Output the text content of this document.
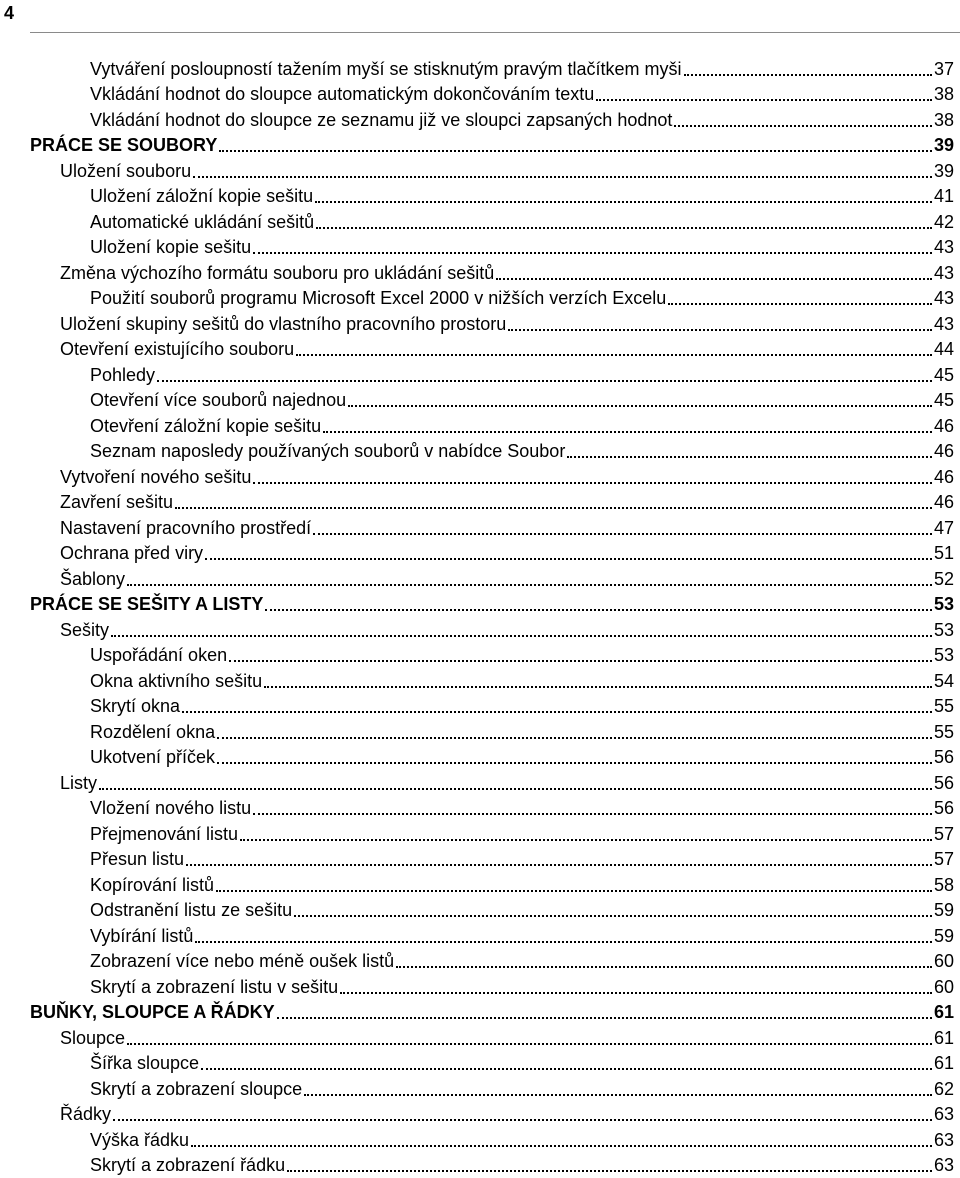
4
Vytváření posloupností tažením myší se stisknutým pravým tlačítkem myši	37
Vkládání hodnot do sloupce automatickým dokončováním textu	38
Vkládání hodnot do sloupce ze seznamu již ve sloupci zapsaných hodnot	38
PRÁCE SE SOUBORY	39
Uložení souboru	39
Uložení záložní kopie sešitu	41
Automatické ukládání sešitů	42
Uložení kopie sešitu	43
Změna výchozího formátu souboru pro ukládání sešitů	43
Použití souborů programu Microsoft Excel 2000 v nižších verzích Excelu	43
Uložení skupiny sešitů do vlastního pracovního prostoru	43
Otevření existujícího souboru	44
Pohledy	45
Otevření více souborů najednou	45
Otevření záložní kopie sešitu	46
Seznam naposledy používaných souborů v nabídce Soubor	46
Vytvoření nového sešitu	46
Zavření sešitu	46
Nastavení pracovního prostředí	47
Ochrana před viry	51
Šablony	52
PRÁCE SE SEŠITY A LISTY	53
Sešity	53
Uspořádání oken	53
Okna aktivního sešitu	54
Skrytí okna	55
Rozdělení okna	55
Ukotvení příček	56
Listy	56
Vložení nového listu	56
Přejmenování listu	57
Přesun listu	57
Kopírování listů	58
Odstranění listu ze sešitu	59
Vybírání listů	59
Zobrazení více nebo méně oušek listů	60
Skrytí a zobrazení listu v sešitu	60
BUŇKY, SLOUPCE A ŘÁDKY	61
Sloupce	61
Šířka sloupce	61
Skrytí a zobrazení sloupce	62
Řádky	63
Výška řádku	63
Skrytí a zobrazení řádku	63
